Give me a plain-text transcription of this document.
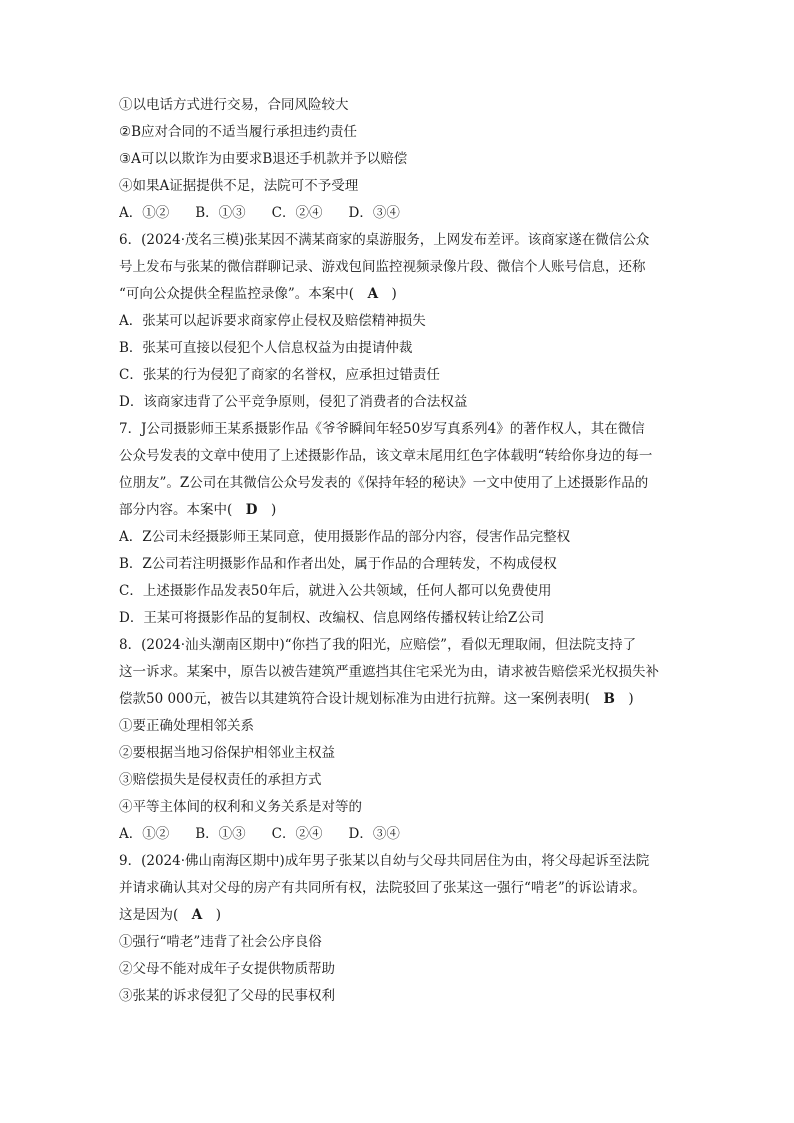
①以电话方式进行交易，合同风险较大
②B应对合同的不适当履行承担违约责任
③A可以以欺诈为由要求B退还手机款并予以赔偿
④如果A证据提供不足，法院可不予受理
A．①② B．①③ C．②④ D．③④
6．(2024·茂名三模)张某因不满某商家的桌游服务，上网发布差评。该商家遂在微信公众
号上发布与张某的微信群聊记录、游戏包间监控视频录像片段、微信个人账号信息，还称
“可向公众提供全程监控录像”。本案中(　A　)
A．张某可以起诉要求商家停止侵权及赔偿精神损失
B．张某可直接以侵犯个人信息权益为由提请仲裁
C．张某的行为侵犯了商家的名誉权，应承担过错责任
D．该商家违背了公平竞争原则，侵犯了消费者的合法权益
7．J公司摄影师王某系摄影作品《爷爷瞬间年轻50岁写真系列4》的著作权人，其在微信
公众号发表的文章中使用了上述摄影作品，该文章末尾用红色字体载明“转给你身边的每一
位朋友”。Z公司在其微信公众号发表的《保持年轻的秘诀》一文中使用了上述摄影作品的
部分内容。本案中(　D　)
A．Z公司未经摄影师王某同意，使用摄影作品的部分内容，侵害作品完整权
B．Z公司若注明摄影作品和作者出处，属于作品的合理转发，不构成侵权
C．上述摄影作品发表50年后，就进入公共领域，任何人都可以免费使用
D．王某可将摄影作品的复制权、改编权、信息网络传播权转让给Z公司
8．(2024·汕头潮南区期中)“你挡了我的阳光，应赔偿”，看似无理取闹，但法院支持了
这一诉求。某案中，原告以被告建筑严重遮挡其住宅采光为由，请求被告赔偿采光权损失补
偿款50 000元，被告以其建筑符合设计规划标准为由进行抗辩。这一案例表明(　B　)
①要正确处理相邻关系
②要根据当地习俗保护相邻业主权益
③赔偿损失是侵权责任的承担方式
④平等主体间的权利和义务关系是对等的
A．①② B．①③ C．②④ D．③④
9．(2024·佛山南海区期中)成年男子张某以自幼与父母共同居住为由，将父母起诉至法院
并请求确认其对父母的房产有共同所有权，法院驳回了张某这一强行“啃老”的诉讼请求。
这是因为(　A　)
①强行“啃老”违背了社会公序良俗
②父母不能对成年子女提供物质帮助
③张某的诉求侵犯了父母的民事权利
